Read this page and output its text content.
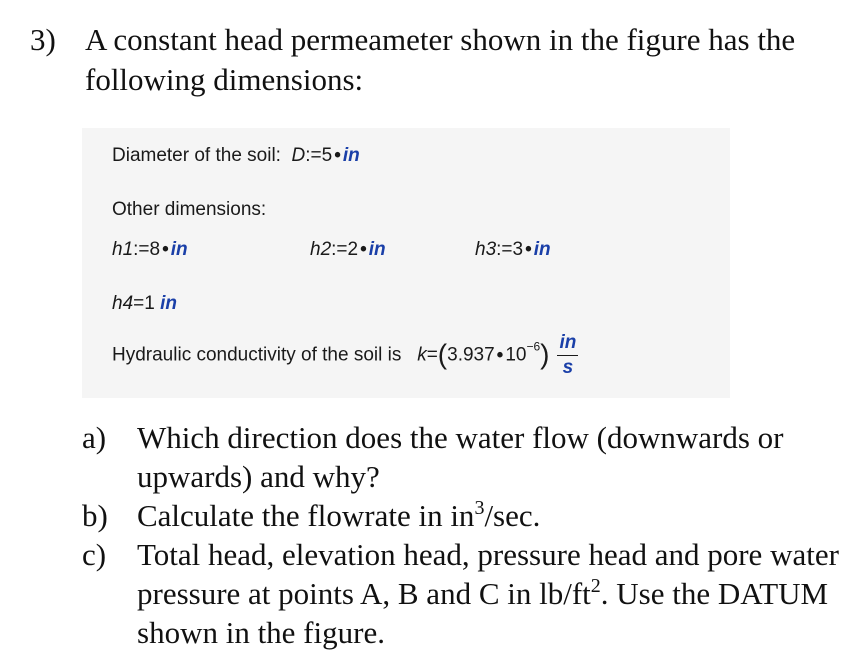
3) A constant head permeameter shown in the figure has the following dimensions:
Diameter of the soil: D:=5 • in
Other dimensions:
h1:=8 • in	h2:=2 • in	h3:=3 • in
h4=1 in
Hydraulic conductivity of the soil is k=(3.937 • $10^{-6}) \frac{in}{s}$
a) Which direction does the water flow (downwards or upwards) and why?
b) Calculate the flowrate in $in^3/\sec$.
c) Total head, elevation head, pressure head and pore water pressure at points A, B and C in $lb/ft^2$. Use the DATUM shown in the figure.
